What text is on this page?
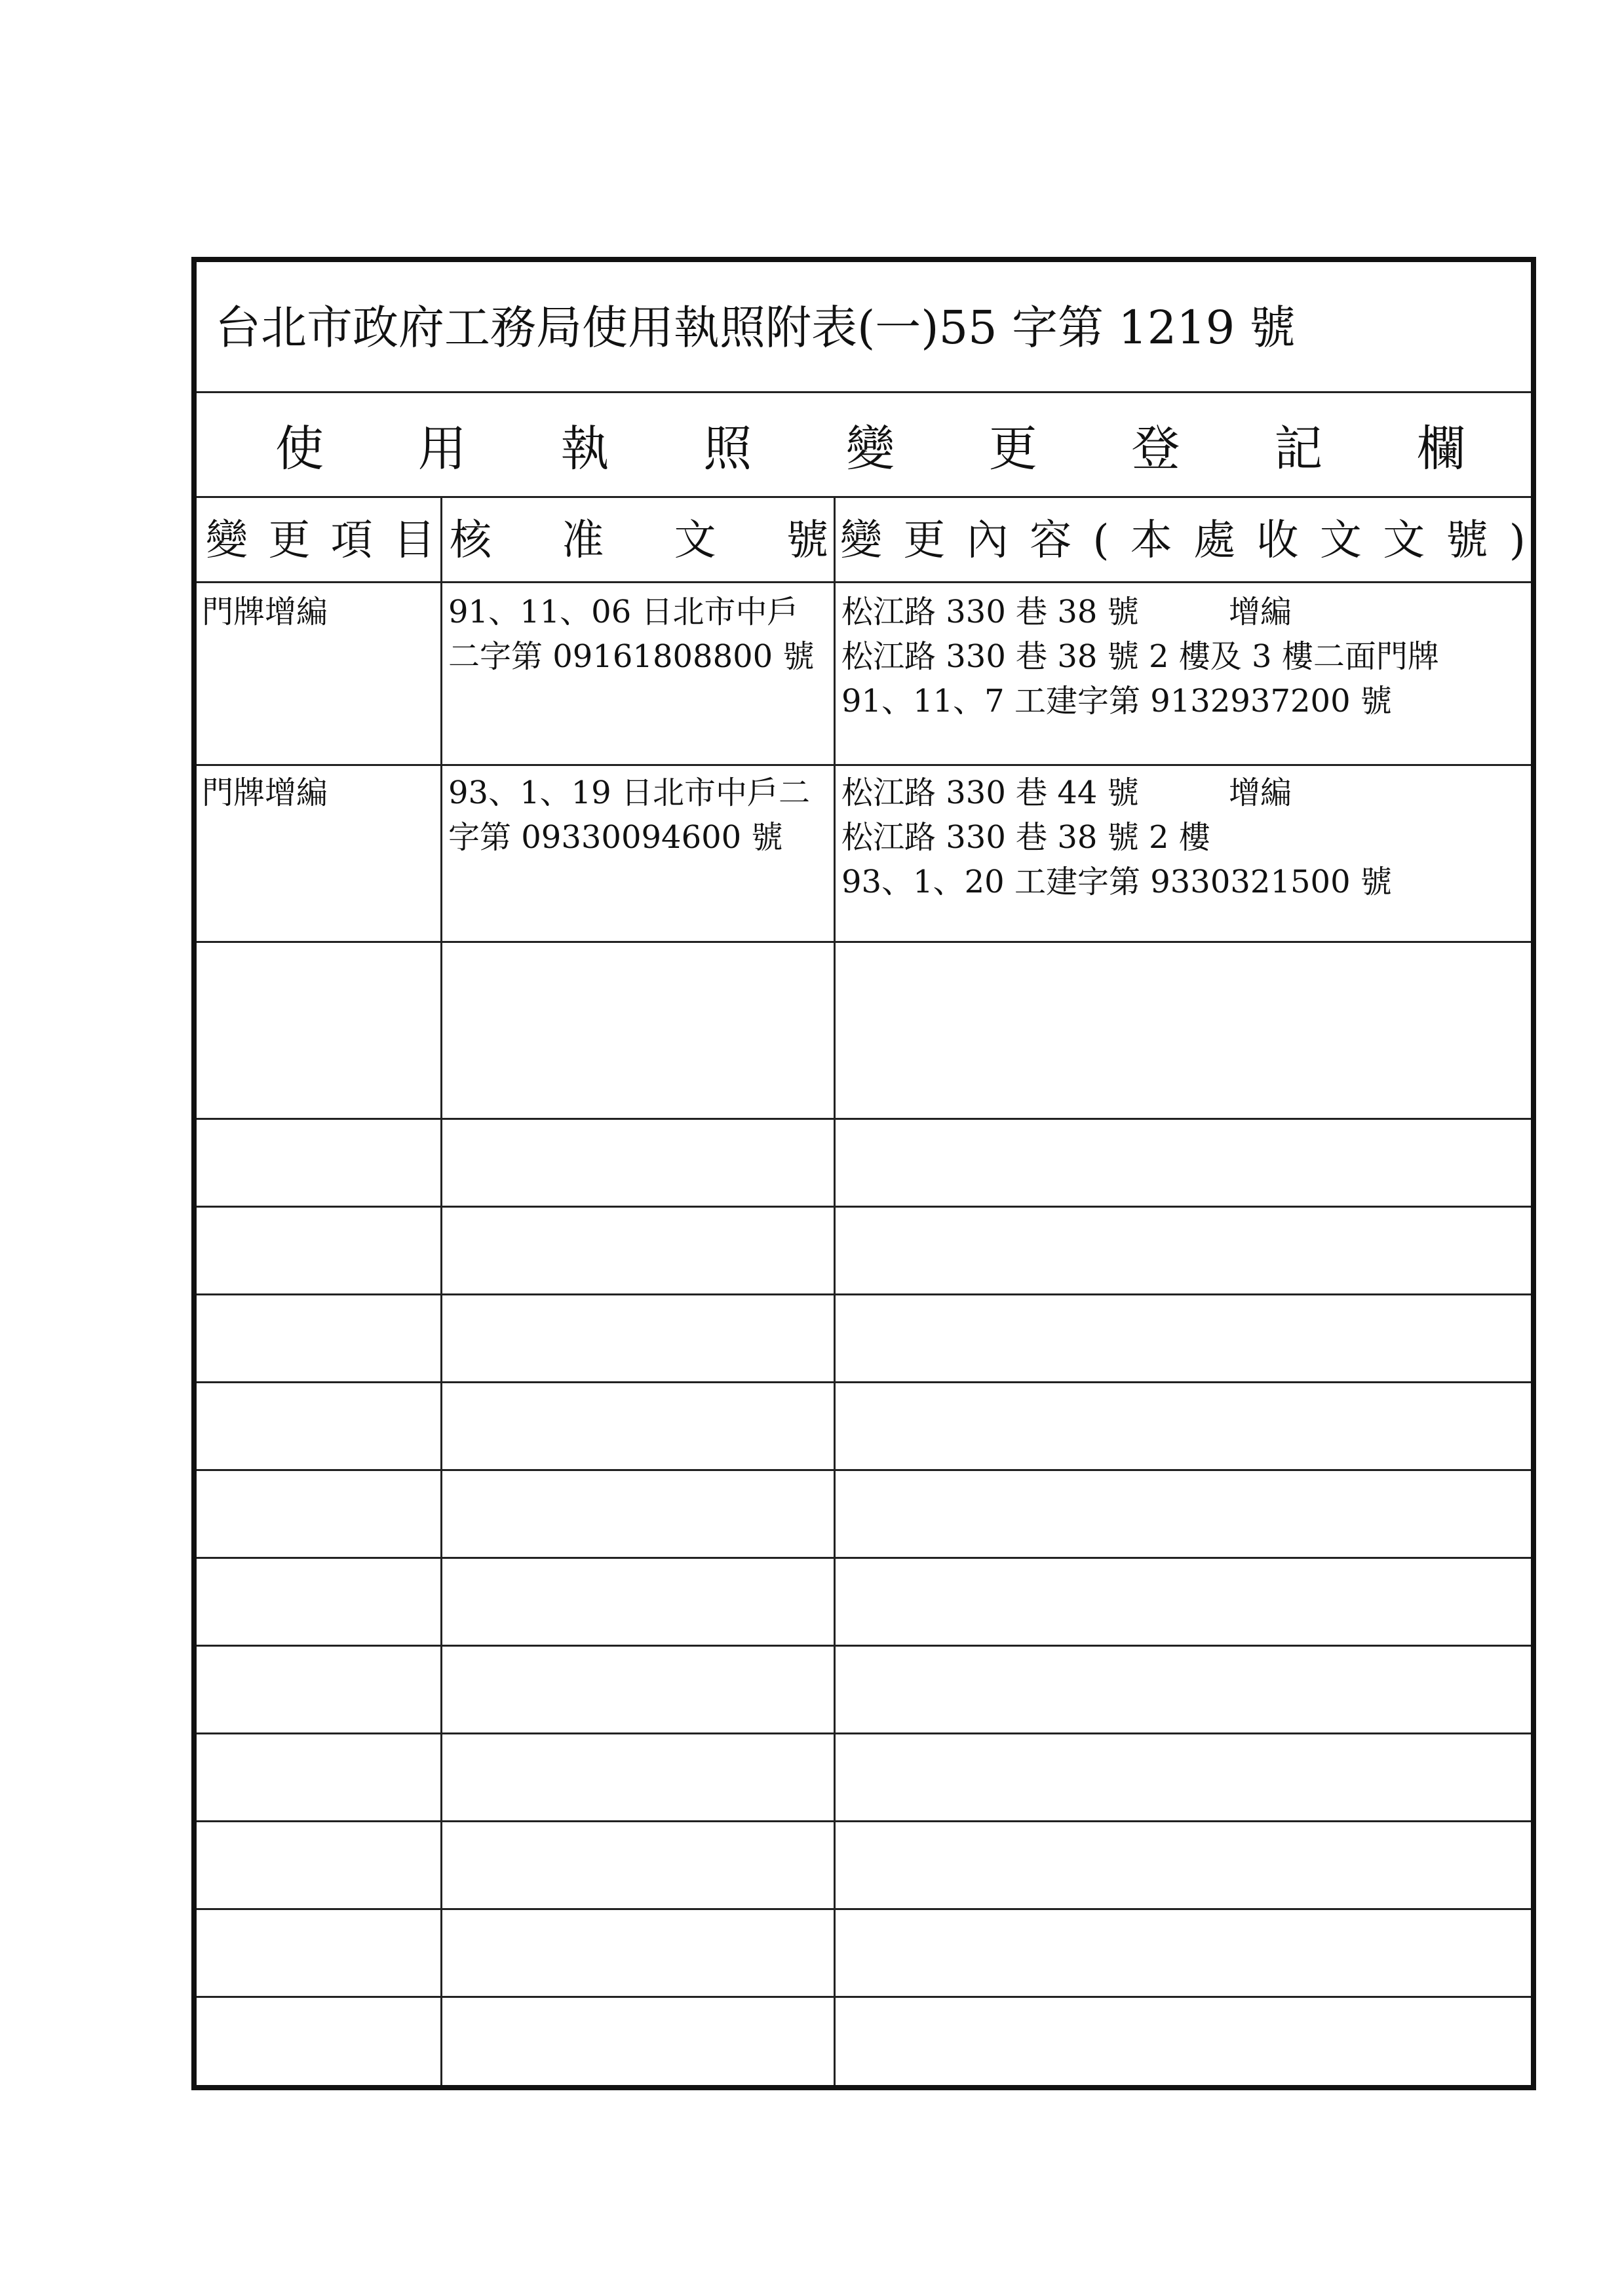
台北市政府工務局使用執照附表(一)55 字第 1219 號
使 用 執 照 變 更 登 記 欄
變 更 項 目 核 准 文 號 變 更 內 容 ( 本 處 收 文 文 號 )
門牌增編	91、11、06 日北市中戶
二字第 09161808800 號
松江路 330 巷 38 號         增編
松江路 330 巷 38 號 2 樓及 3 樓二面門牌
91、11、7 工建字第 9132937200 號
門牌增編	93、1、19 日北市中戶二
字第 09330094600 號
松江路 330 巷 44 號         增編
松江路 330 巷 38 號 2 樓
93、1、20 工建字第 9330321500 號
